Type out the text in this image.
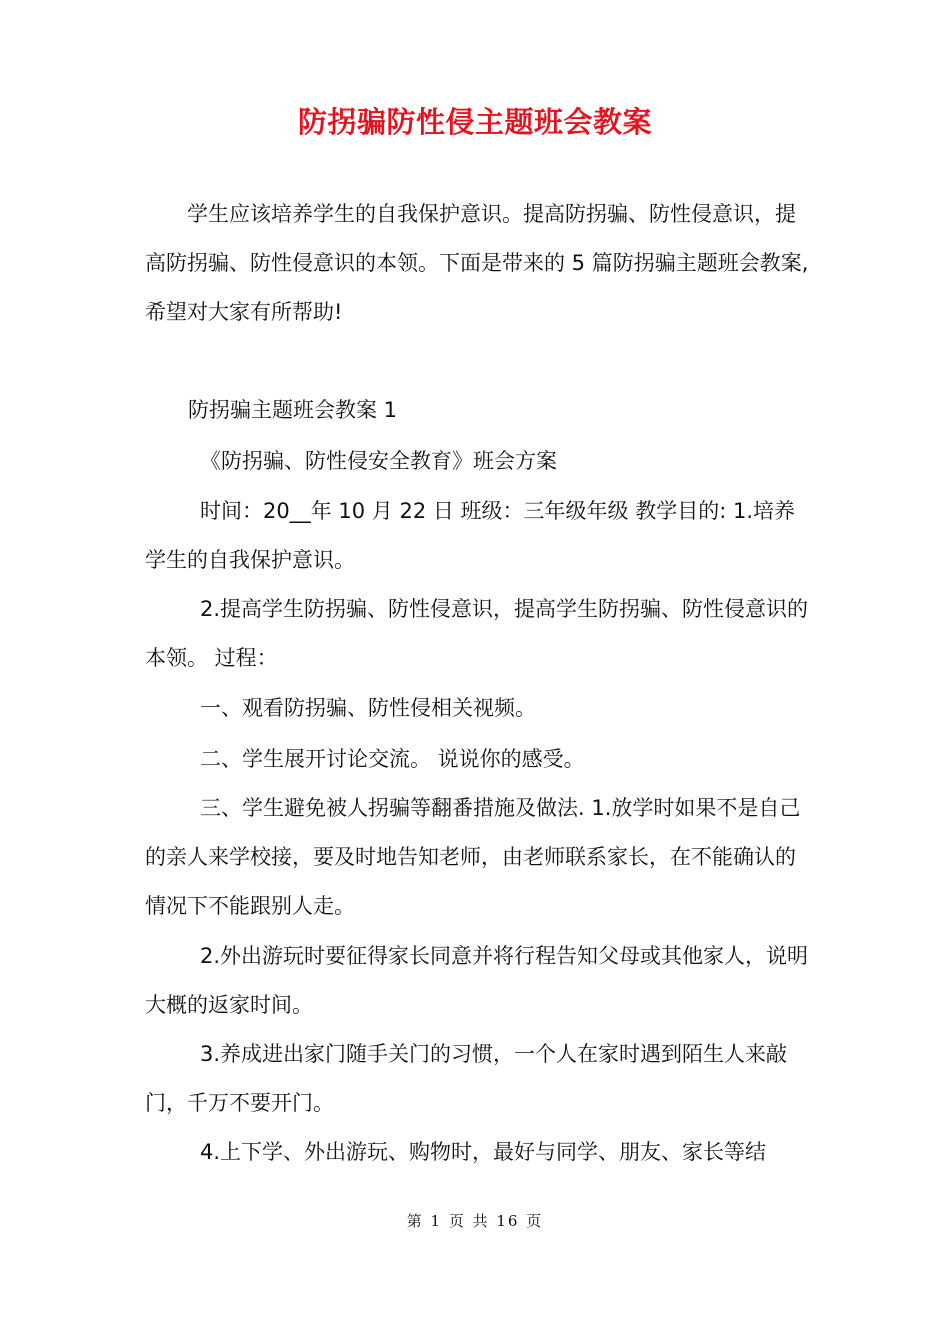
防拐骗防性侵主题班会教案

学生应该培养学生的自我保护意识。提高防拐骗、防性侵意识，提高防拐骗、防性侵意识的本领。下面是带来的 5 篇防拐骗主题班会教案,希望对大家有所帮助!

防拐骗主题班会教案 1

《防拐骗、防性侵安全教育》班会方案

时间：20__年 10 月 22 日 班级：三年级年级 教学目的: 1.培养学生的自我保护意识。

2.提高学生防拐骗、防性侵意识，提高学生防拐骗、防性侵意识的本领。 过程：

一、观看防拐骗、防性侵相关视频。

二、学生展开讨论交流。 说说你的感受。

三、学生避免被人拐骗等翻番措施及做法. 1.放学时如果不是自己的亲人来学校接，要及时地告知老师，由老师联系家长，在不能确认的情况下不能跟别人走。

2.外出游玩时要征得家长同意并将行程告知父母或其他家人，说明大概的返家时间。

3.养成进出家门随手关门的习惯，一个人在家时遇到陌生人来敲门，千万不要开门。

4.上下学、外出游玩、购物时，最好与同学、朋友、家长等结

第 1 页 共 16 页
